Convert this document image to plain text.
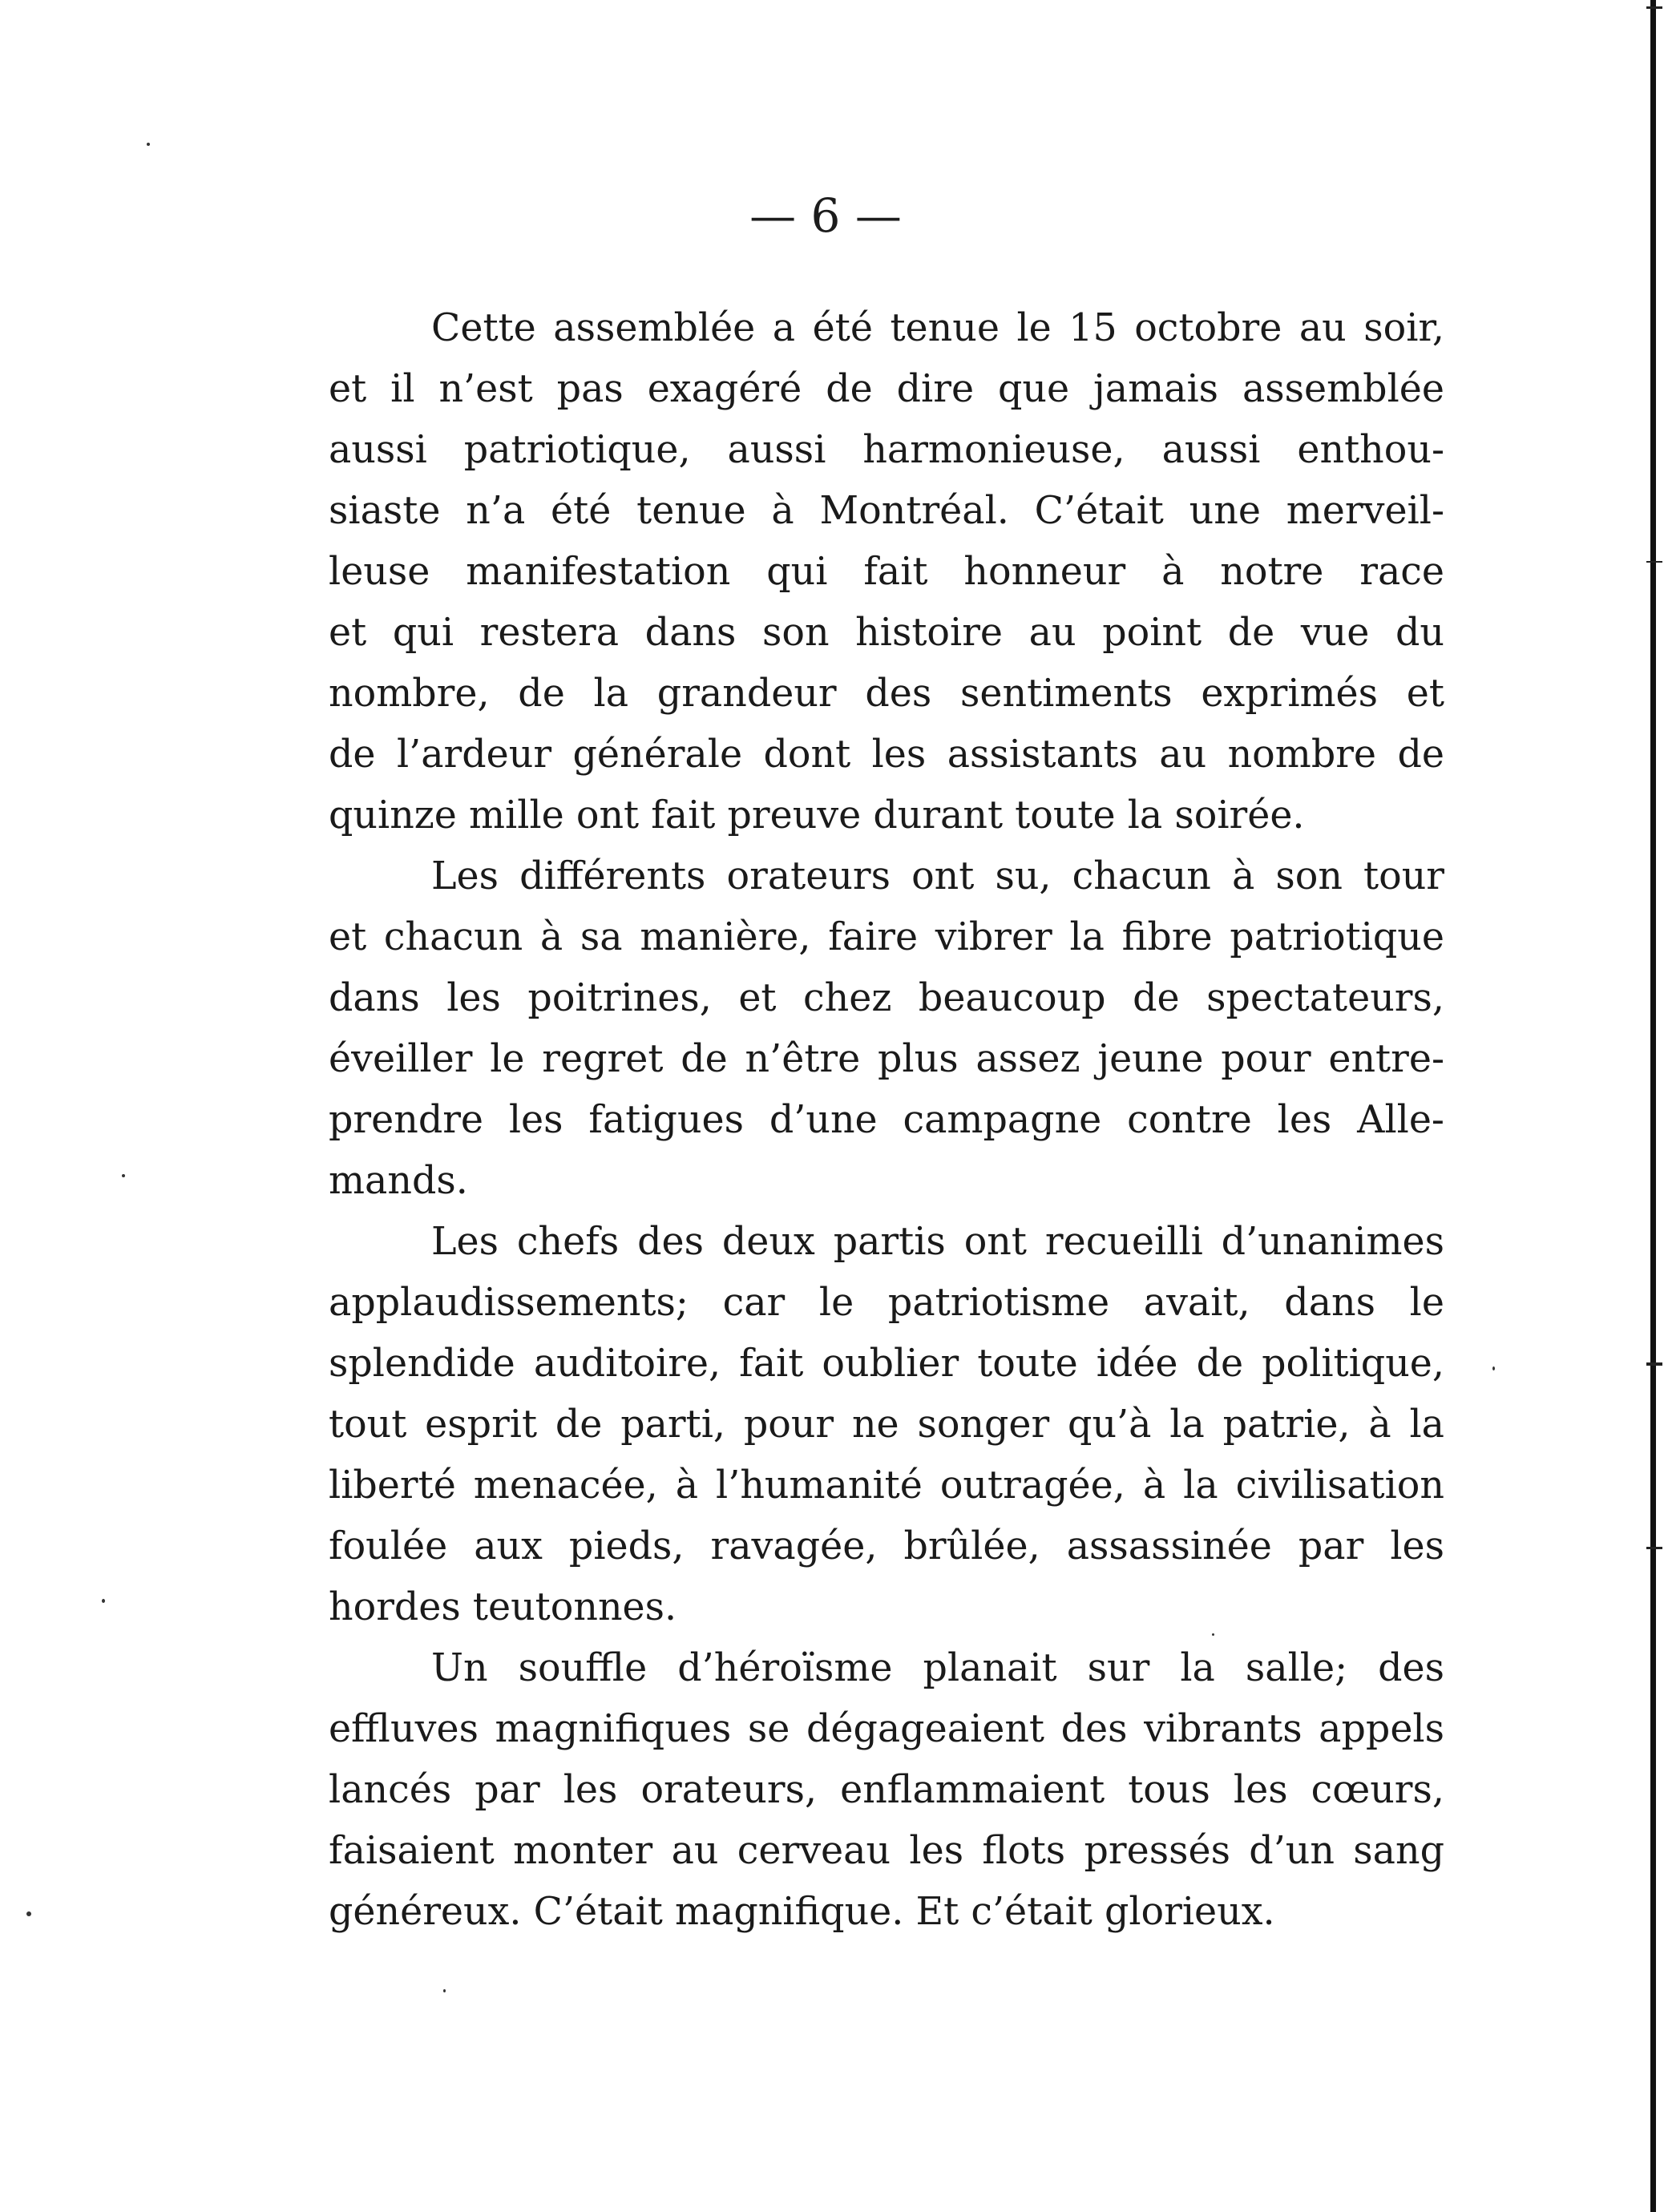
— 6 —
Cette assemblée a été tenue le 15 octobre au soir,
et il n’est pas exagéré de dire que jamais assemblée
aussi patriotique, aussi harmonieuse, aussi enthou-
siaste n’a été tenue à Montréal. C’était une merveil-
leuse manifestation qui fait honneur à notre race
et qui restera dans son histoire au point de vue du
nombre, de la grandeur des sentiments exprimés et
de l’ardeur générale dont les assistants au nombre de
quinze mille ont fait preuve durant toute la soirée.
Les différents orateurs ont su, chacun à son tour
et chacun à sa manière, faire vibrer la fibre patriotique
dans les poitrines, et chez beaucoup de spectateurs,
éveiller le regret de n’être plus assez jeune pour entre-
prendre les fatigues d’une campagne contre les Alle-
mands.
Les chefs des deux partis ont recueilli d’unanimes
applaudissements; car le patriotisme avait, dans le
splendide auditoire, fait oublier toute idée de politique,
tout esprit de parti, pour ne songer qu’à la patrie, à la
liberté menacée, à l’humanité outragée, à la civilisation
foulée aux pieds, ravagée, brûlée, assassinée par les
hordes teutonnes.
Un souffle d’héroïsme planait sur la salle; des
effluves magnifiques se dégageaient des vibrants appels
lancés par les orateurs, enflammaient tous les cœurs,
faisaient monter au cerveau les flots pressés d’un sang
généreux. C’était magnifique. Et c’était glorieux.
